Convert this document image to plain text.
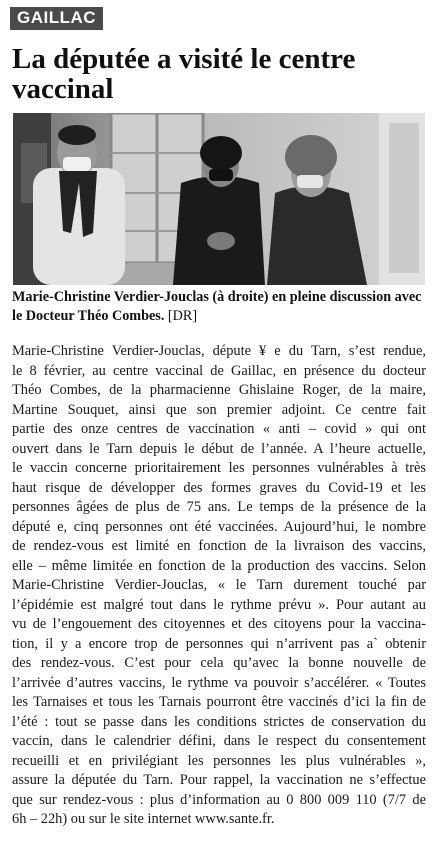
GAILLAC
La députée a visité le centre vaccinal

Marie-Christine Verdier-Jouclas (à droite) en pleine discussion avec le Docteur Théo Combes. [DR]

Marie-Christine Verdier-Jouclas, députe ¥ e du Tarn, s’est rendue,
le 8 février, au centre vaccinal de Gaillac, en présence du docteur
Théo Combes, de la pharmacienne Ghislaine Roger, de la maire,
Martine Souquet, ainsi que son premier adjoint. Ce centre fait
partie des onze centres de vaccination « anti – covid » qui ont
ouvert dans le Tarn depuis le début de l’année. A l’heure actuelle,
le vaccin concerne prioritairement les personnes vulnérables à très
haut risque de développer des formes graves du Covid-19 et les
personnes âgées de plus de 75 ans. Le temps de la présence de la
député e, cinq personnes ont été vaccinées. Aujourd’hui, le nombre
de rendez-vous est limité en fonction de la livraison des vaccins,
elle – même limitée en fonction de la production des vaccins. Selon
Marie-Christine Verdier-Jouclas, « le Tarn durement touché par
l’épidémie est malgré tout dans le rythme prévu ». Pour autant au
vu de l’engouement des citoyennes et des citoyens pour la vaccina-
tion, il y a encore trop de personnes qui n’arrivent pas a` obtenir
des rendez-vous. C’est pour cela qu’avec la bonne nouvelle de
l’arrivée d’autres vaccins, le rythme va pouvoir s’accélérer. « Toutes
les Tarnaises et tous les Tarnais pourront être vaccinés d’ici la fin de
l’été : tout se passe dans les conditions strictes de conservation du
vaccin, dans le calendrier défini, dans le respect du consentement
recueilli et en privilégiant les personnes les plus vulnérables »,
assure la députée du Tarn. Pour rappel, la vaccination ne s’effectue
que sur rendez-vous : plus d’information au 0 800 009 110 (7/7 de
6h – 22h) ou sur le site internet www.sante.fr.
